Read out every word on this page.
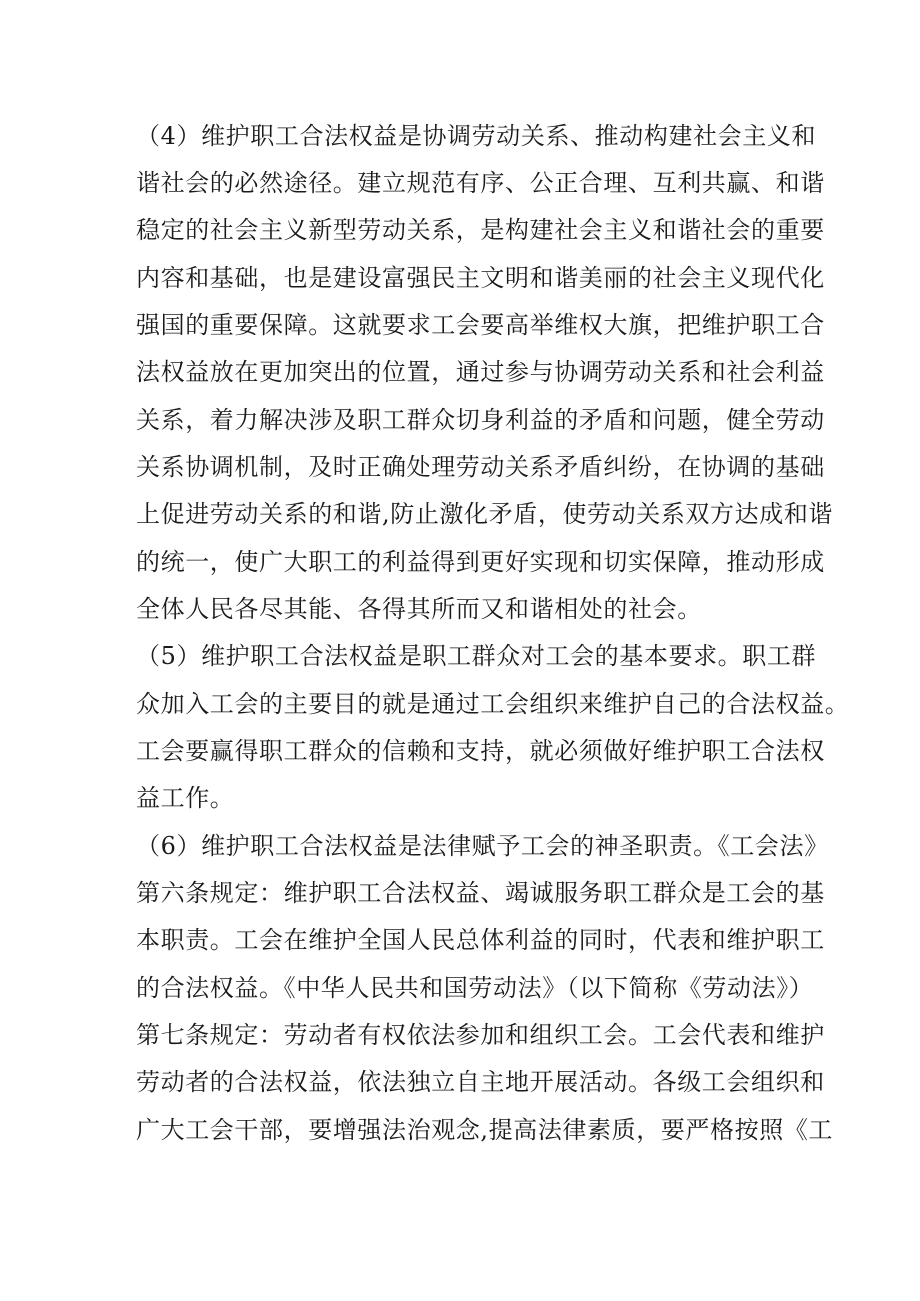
（4）维护职工合法权益是协调劳动关系、推动构建社会主义和
谐社会的必然途径。建立规范有序、公正合理、互利共赢、和谐
稳定的社会主义新型劳动关系，是构建社会主义和谐社会的重要
内容和基础，也是建设富强民主文明和谐美丽的社会主义现代化
强国的重要保障。这就要求工会要高举维权大旗，把维护职工合
法权益放在更加突出的位置，通过参与协调劳动关系和社会利益
关系，着力解决涉及职工群众切身利益的矛盾和问题，健全劳动
关系协调机制，及时正确处理劳动关系矛盾纠纷，在协调的基础
上促进劳动关系的和谐,防止激化矛盾，使劳动关系双方达成和谐
的统一，使广大职工的利益得到更好实现和切实保障，推动形成
全体人民各尽其能、各得其所而又和谐相处的社会。
（5）维护职工合法权益是职工群众对工会的基本要求。职工群
众加入工会的主要目的就是通过工会组织来维护自己的合法权益。
工会要赢得职工群众的信赖和支持，就必须做好维护职工合法权
益工作。
（6）维护职工合法权益是法律赋予工会的神圣职责。《工会法》
第六条规定：维护职工合法权益、竭诚服务职工群众是工会的基
本职责。工会在维护全国人民总体利益的同时，代表和维护职工
的合法权益。《中华人民共和国劳动法》（以下简称《劳动法》）
第七条规定：劳动者有权依法参加和组织工会。工会代表和维护
劳动者的合法权益，依法独立自主地开展活动。各级工会组织和
广大工会干部，要增强法治观念,提高法律素质，要严格按照《工
